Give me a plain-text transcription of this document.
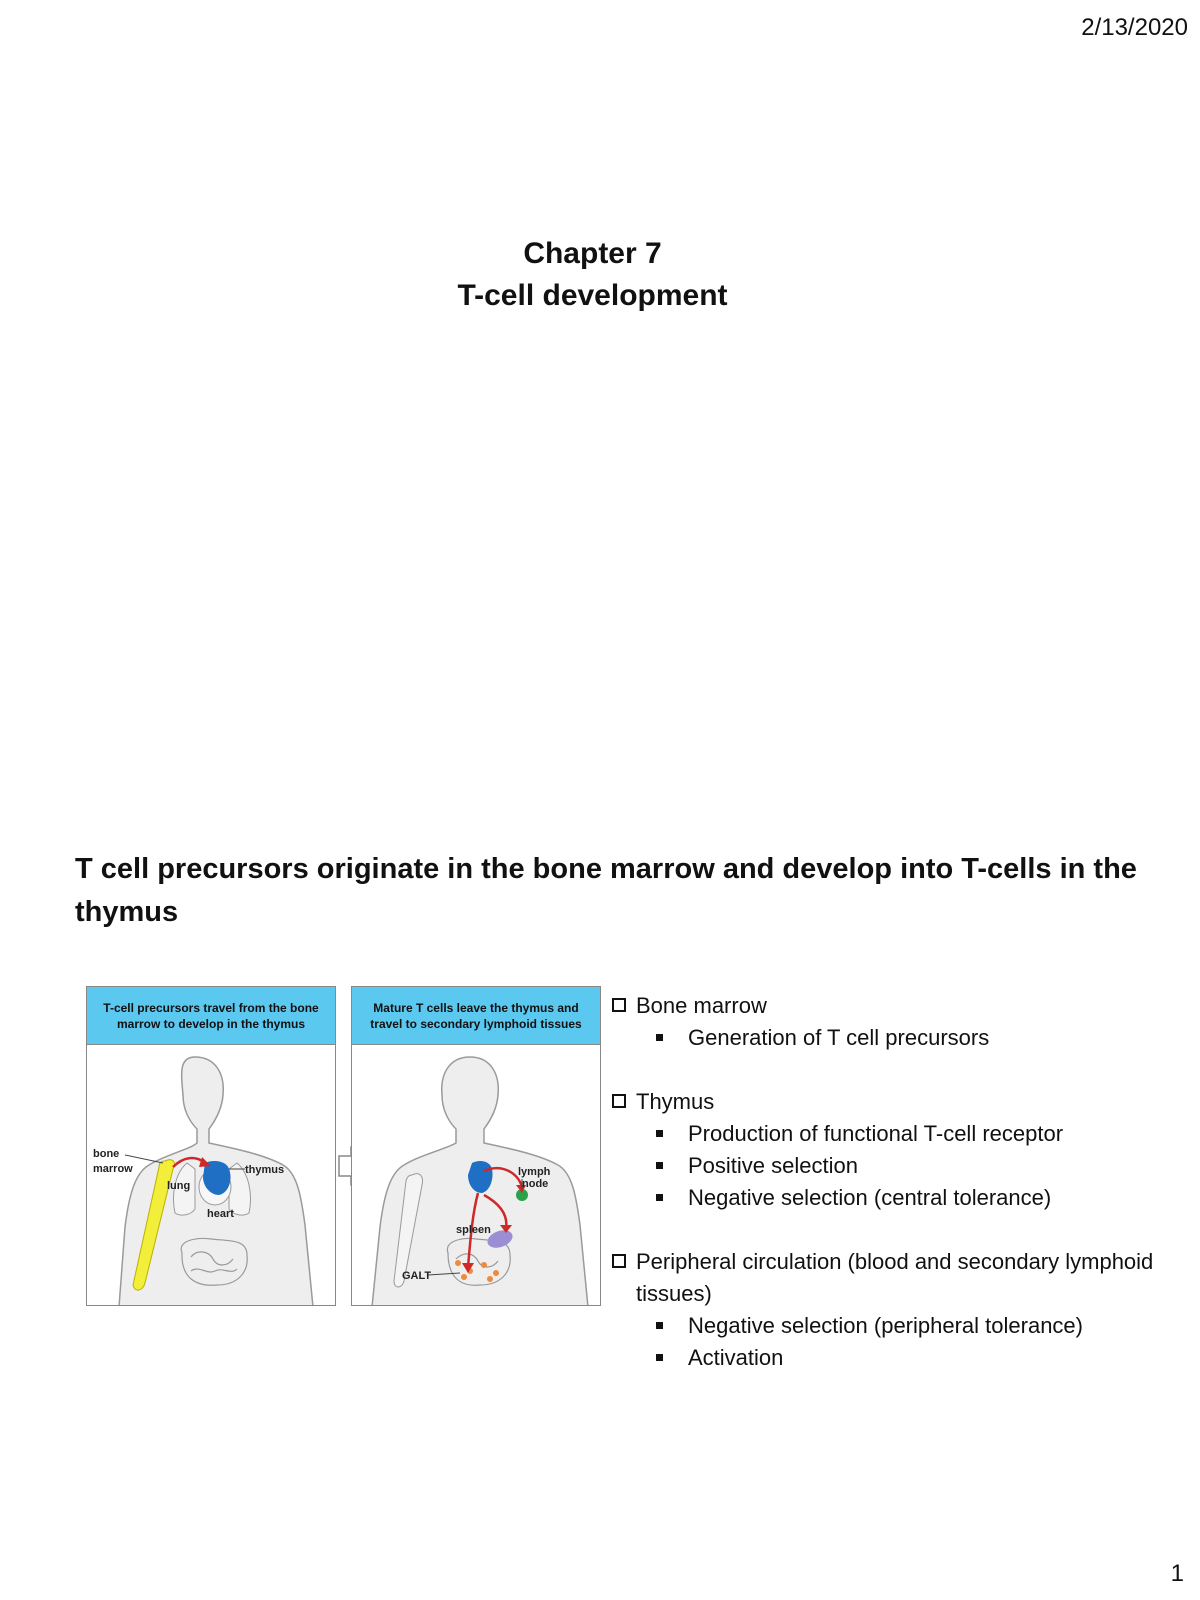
2/13/2020
Chapter 7
T-cell development
T cell precursors originate in the bone marrow and develop into T-cells in the thymus
T-cell precursors travel from the bone marrow to develop in the thymus
bone
marrow	thymus
lung
heart
Mature T cells leave the thymus and travel to secondary lymphoid tissues
lymph
node
spleen
GALT
Bone marrow
Generation of T cell precursors
Thymus
Production of functional T-cell receptor
Positive selection
Negative selection (central tolerance)
Peripheral circulation (blood and secondary lymphoid tissues)
Negative selection (peripheral tolerance)
Activation
1
